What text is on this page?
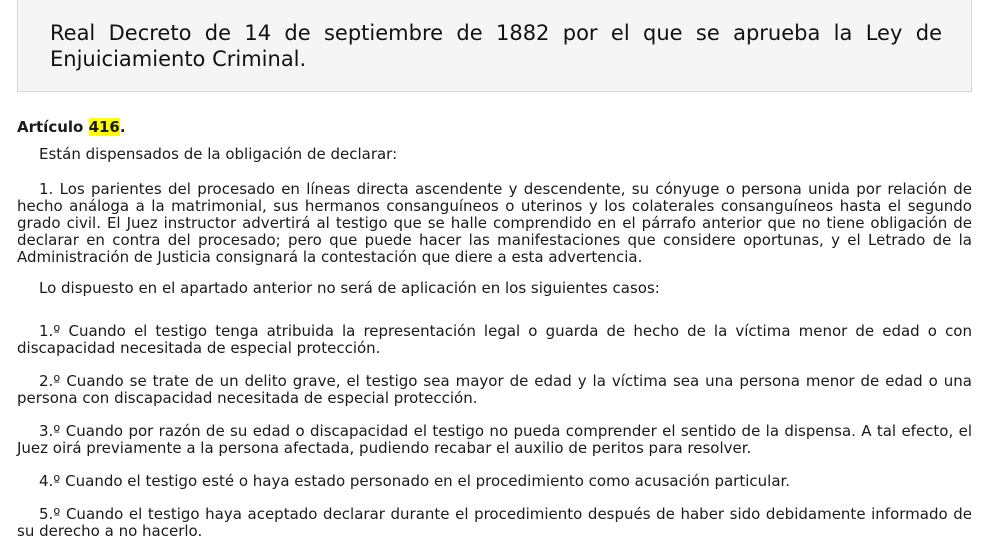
Real Decreto de 14 de septiembre de 1882 por el que se aprueba la Ley de Enjuiciamiento Criminal.

Artículo 416.

Están dispensados de la obligación de declarar:

1. Los parientes del procesado en líneas directa ascendente y descendente, su cónyuge o persona unida por relación de hecho análoga a la matrimonial, sus hermanos consanguíneos o uterinos y los colaterales consanguíneos hasta el segundo grado civil. El Juez instructor advertirá al testigo que se halle comprendido en el párrafo anterior que no tiene obligación de declarar en contra del procesado; pero que puede hacer las manifestaciones que considere oportunas, y el Letrado de la Administración de Justicia consignará la contestación que diere a esta advertencia.

Lo dispuesto en el apartado anterior no será de aplicación en los siguientes casos:

1.º Cuando el testigo tenga atribuida la representación legal o guarda de hecho de la víctima menor de edad o con discapacidad necesitada de especial protección.

2.º Cuando se trate de un delito grave, el testigo sea mayor de edad y la víctima sea una persona menor de edad o una persona con discapacidad necesitada de especial protección.

3.º Cuando por razón de su edad o discapacidad el testigo no pueda comprender el sentido de la dispensa. A tal efecto, el Juez oirá previamente a la persona afectada, pudiendo recabar el auxilio de peritos para resolver.

4.º Cuando el testigo esté o haya estado personado en el procedimiento como acusación particular.

5.º Cuando el testigo haya aceptado declarar durante el procedimiento después de haber sido debidamente informado de su derecho a no hacerlo.
